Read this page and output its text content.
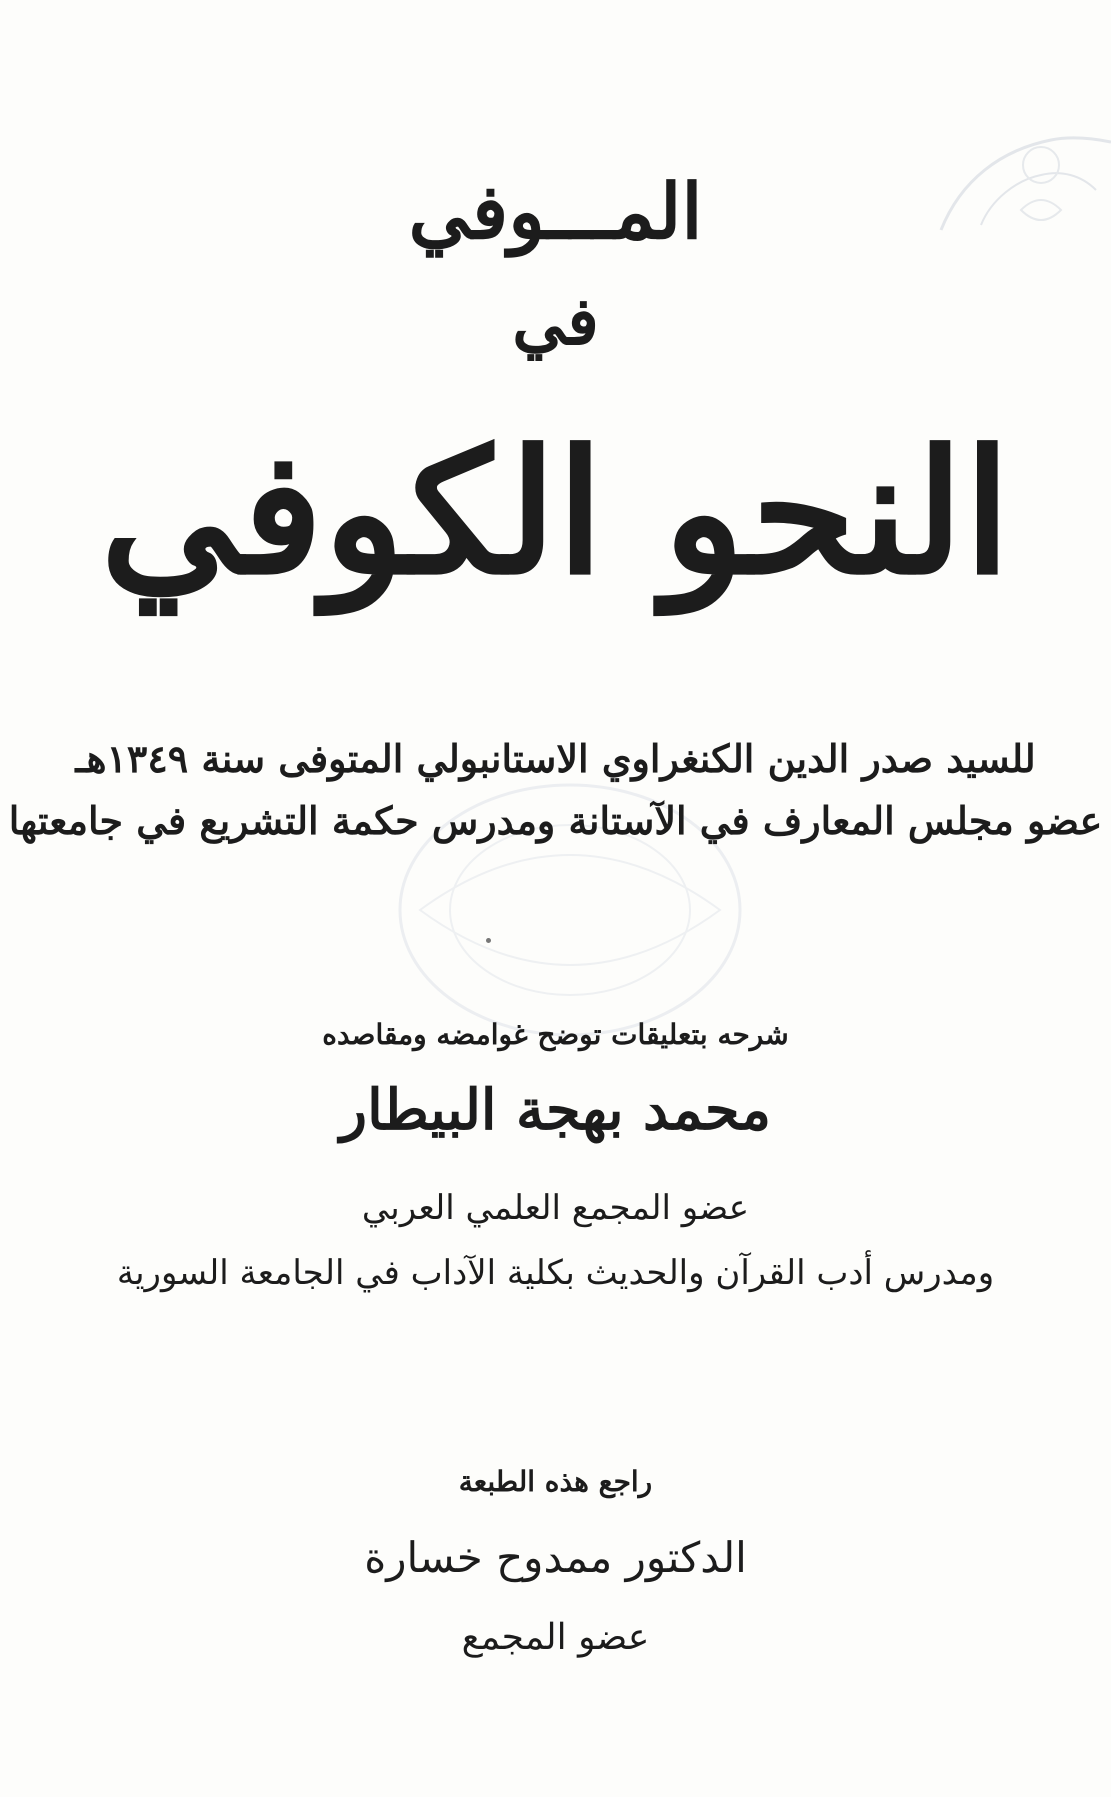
المـــوفي
في
النحو الكوفي
للسيد صدر الدين الكنغراوي الاستانبولي المتوفى سنة ١٣٤٩هـ
عضو مجلس المعارف في الآستانة ومدرس حكمة التشريع في جامعتها
شرحه بتعليقات توضح غوامضه ومقاصده
محمد بهجة البيطار
عضو المجمع العلمي العربي
ومدرس أدب القرآن والحديث بكلية الآداب في الجامعة السورية
راجع هذه الطبعة
الدكتور ممدوح خسارة
عضو المجمع
